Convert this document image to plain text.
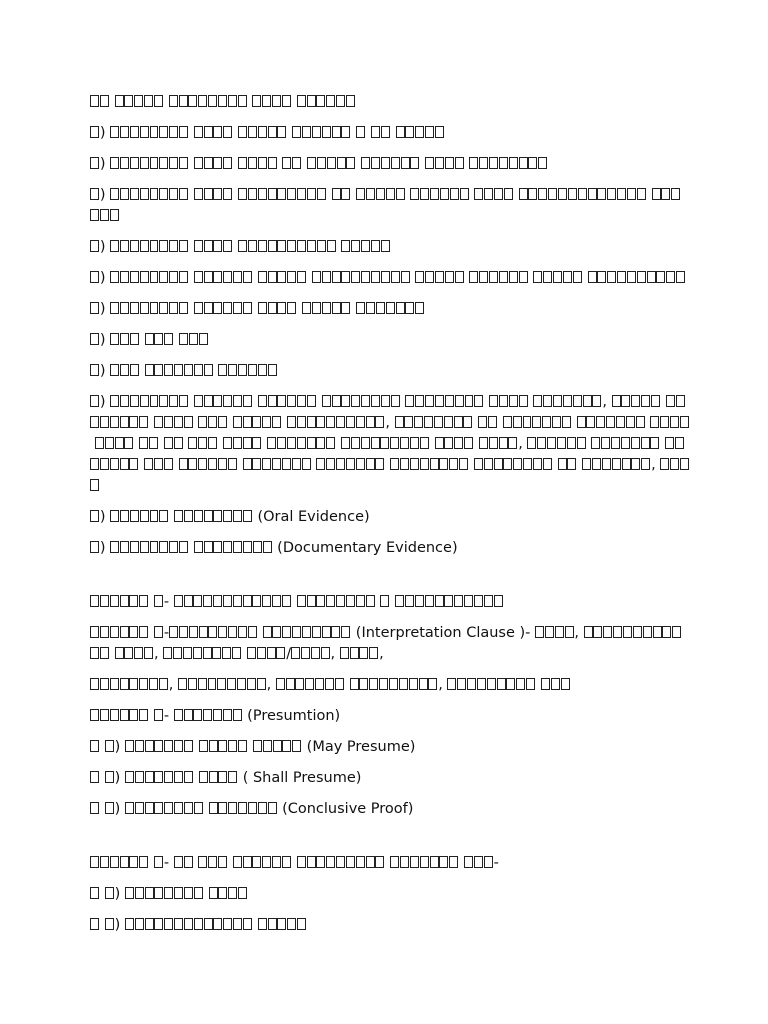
)

)

)

)

)

)

)

)

)	, , , ,

)	(Oral Evidence)

)	(Documentary Evidence)

-

-	(Interpretation Clause )-	, ,	/	,	,

,	,	,

-	(Presumtion)

)	(May Presume)

)	( Shall Presume)

)	(Conclusive Proof)

-	-

)

)
